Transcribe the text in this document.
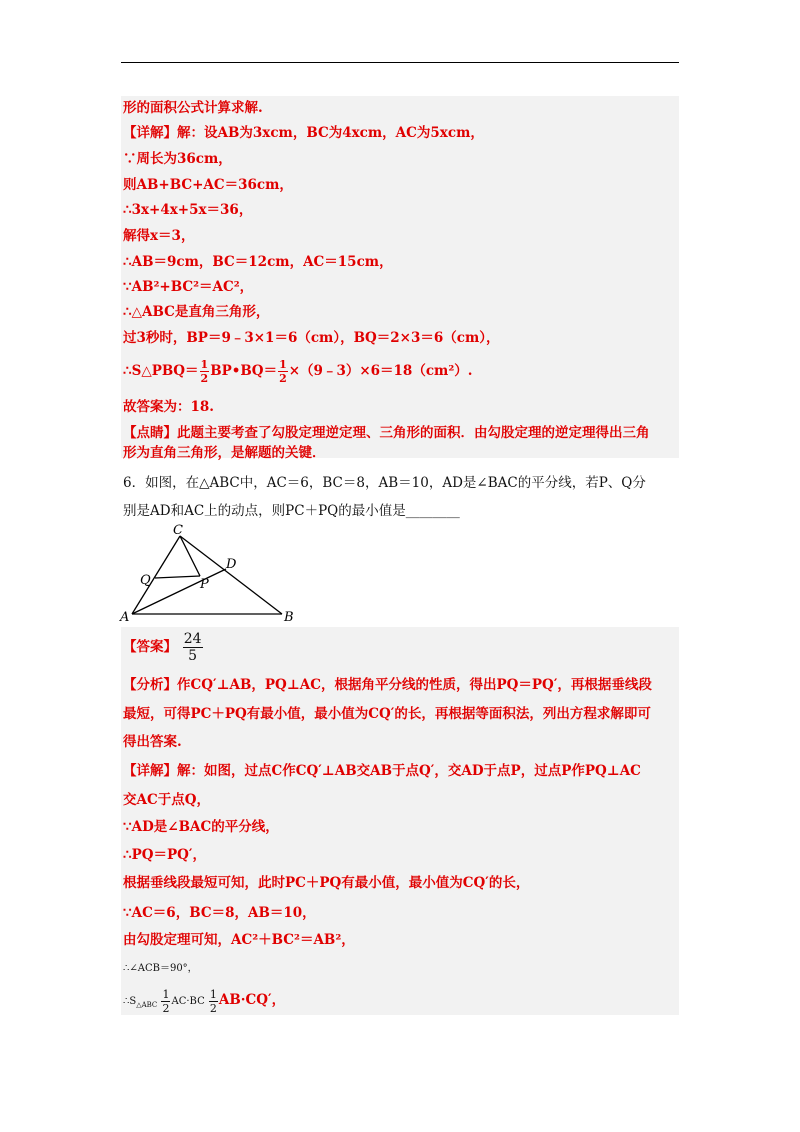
形的面积公式计算求解.
【详解】解：设AB为3xcm，BC为4xcm，AC为5xcm，
∵周长为36cm，
则AB+BC+AC＝36cm，
∴3x+4x+5x＝36，
解得x＝3，
∴AB＝9cm，BC＝12cm，AC＝15cm，
∵AB²+BC²＝AC²，
∴△ABC是直角三角形，
过3秒时，BP＝9﹣3×1＝6（cm），BQ＝2×3＝6（cm），
∴S△PBQ＝ $\frac{1}{2}$ BP•BQ＝ $\frac{1}{2}$ ×（9﹣3）×6＝18（cm²）.
故答案为：18.
【点睛】此题主要考查了勾股定理逆定理、三角形的面积．由勾股定理的逆定理得出三角
形为直角三角形，是解题的关键．
6．如图，在△ABC中，AC＝6，BC＝8，AB＝10，AD是∠BAC的平分线，若P、Q分
别是AD和AC上的动点，则PC＋PQ的最小值是________
A	B
C
D
P
Q
【答案】 $\frac{24}{5}$
【分析】作CQ′⊥AB，PQ⊥AC，根据角平分线的性质，得出PQ＝PQ′，再根据垂线段
最短，可得PC＋PQ有最小值，最小值为CQ′的长，再根据等面积法，列出方程求解即可
得出答案.
【详解】解：如图，过点C作CQ′⊥AB交AB于点Q′，交AD于点P，过点P作PQ⊥AC
交AC于点Q，
∵AD是∠BAC的平分线，
∴PQ＝PQ′，
根据垂线段最短可知，此时PC＋PQ有最小值，最小值为CQ′的长，
∵AC＝6，BC＝8，AB＝10，
由勾股定理可知，AC²＋BC²＝AB²，
∴∠ACB＝90°，
$\therefore S_{\triangle ABC} \frac{1}{2} AC\cdot BC \frac{1}{2} AB\cdot CQ'$，
